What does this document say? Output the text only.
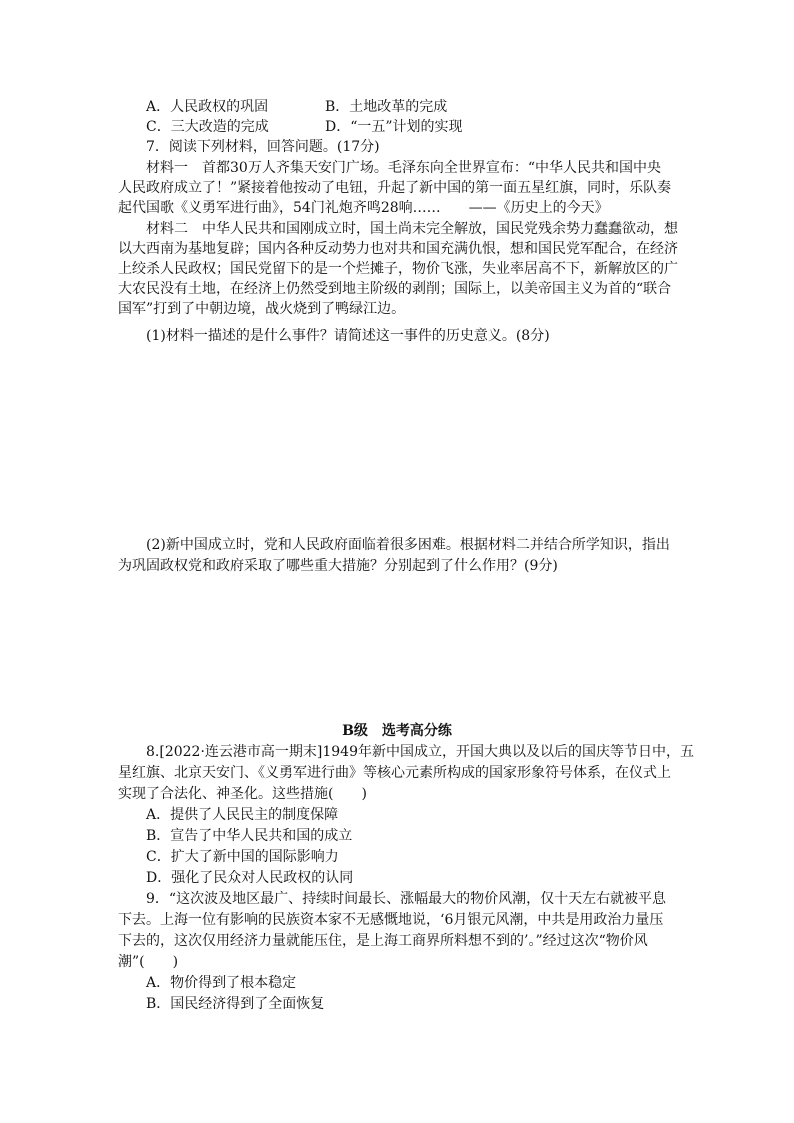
A．人民政权的巩固	B．土地改革的完成
C．三大改造的完成	D．“一五”计划的实现
7．阅读下列材料，回答问题。(17分)
材料一　首都30万人齐集天安门广场。毛泽东向全世界宣布：“中华人民共和国中央
人民政府成立了！”紧接着他按动了电钮，升起了新中国的第一面五星红旗，同时，乐队奏
起代国歌《义勇军进行曲》，54门礼炮齐鸣28响……　　——《历史上的今天》
材料二　中华人民共和国刚成立时，国土尚未完全解放，国民党残余势力蠢蠢欲动，想
以大西南为基地复辟；国内各种反动势力也对共和国充满仇恨，想和国民党军配合，在经济
上绞杀人民政权；国民党留下的是一个烂摊子，物价飞涨，失业率居高不下，新解放区的广
大农民没有土地，在经济上仍然受到地主阶级的剥削；国际上，以美帝国主义为首的“联合
国军”打到了中朝边境，战火烧到了鸭绿江边。
(1)材料一描述的是什么事件？请简述这一事件的历史意义。(8分)
(2)新中国成立时，党和人民政府面临着很多困难。根据材料二并结合所学知识，指出
为巩固政权党和政府采取了哪些重大措施？分别起到了什么作用？(9分)
B级　选考高分练
8.[2022·连云港市高一期末]1949年新中国成立，开国大典以及以后的国庆等节日中，五
星红旗、北京天安门、《义勇军进行曲》等核心元素所构成的国家形象符号体系，在仪式上
实现了合法化、神圣化。这些措施(　　)
A．提供了人民民主的制度保障
B．宣告了中华人民共和国的成立
C．扩大了新中国的国际影响力
D．强化了民众对人民政权的认同
9．“这次波及地区最广、持续时间最长、涨幅最大的物价风潮，仅十天左右就被平息
下去。上海一位有影响的民族资本家不无感慨地说，‘6月银元风潮，中共是用政治力量压
下去的，这次仅用经济力量就能压住，是上海工商界所料想不到的’。”经过这次“物价风
潮”(　　)
A．物价得到了根本稳定
B．国民经济得到了全面恢复
